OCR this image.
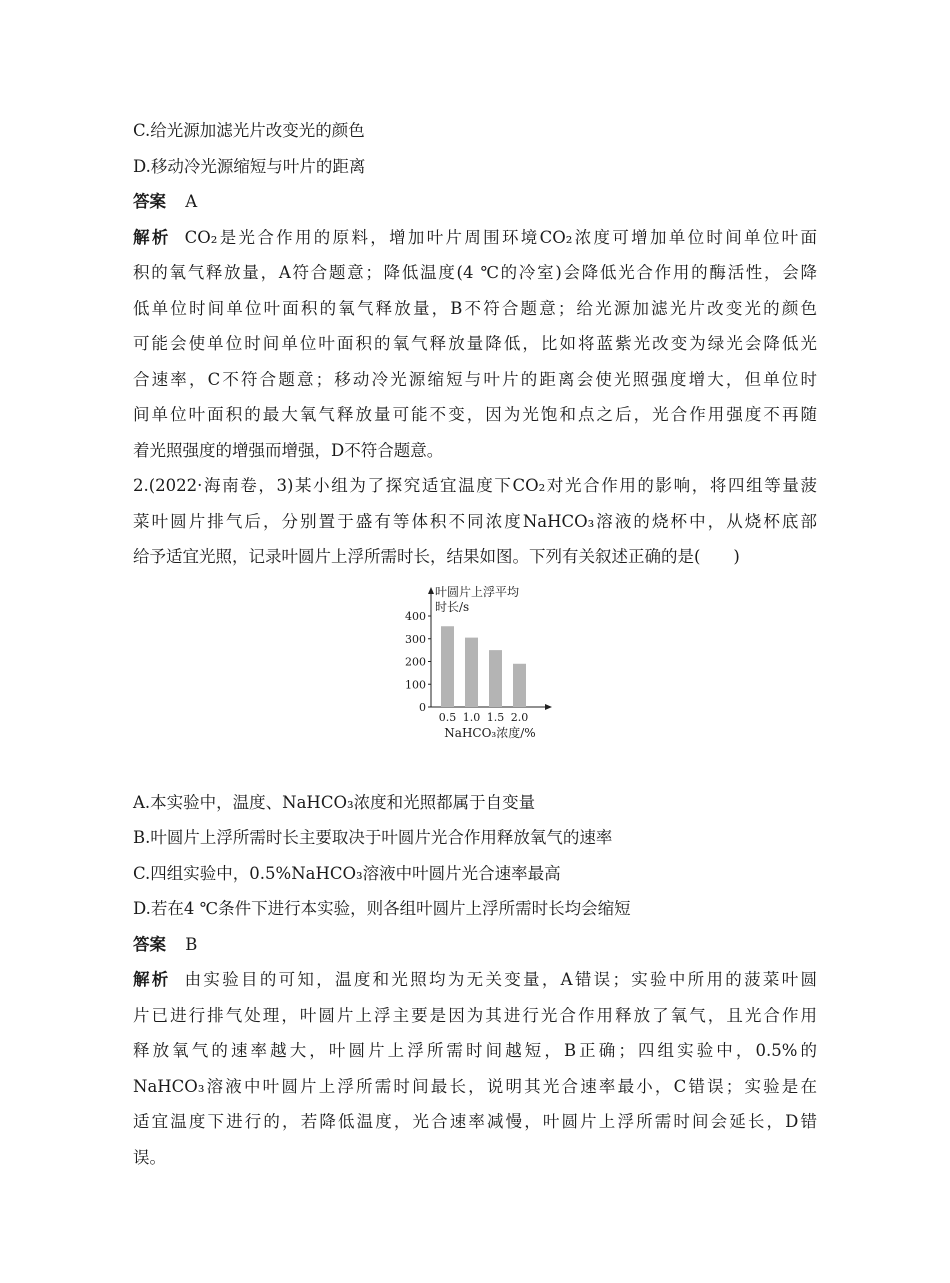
C.给光源加滤光片改变光的颜色
D.移动冷光源缩短与叶片的距离
答案 A
解析 CO₂是光合作用的原料，增加叶片周围环境CO₂浓度可增加单位时间单位叶面
积的氧气释放量，A符合题意；降低温度(4 ℃的冷室)会降低光合作用的酶活性，会降
低单位时间单位叶面积的氧气释放量，B不符合题意；给光源加滤光片改变光的颜色
可能会使单位时间单位叶面积的氧气释放量降低，比如将蓝紫光改变为绿光会降低光
合速率，C不符合题意；移动冷光源缩短与叶片的距离会使光照强度增大，但单位时
间单位叶面积的最大氧气释放量可能不变，因为光饱和点之后，光合作用强度不再随
着光照强度的增强而增强，D不符合题意。
2.(2022·海南卷，3)某小组为了探究适宜温度下CO₂对光合作用的影响，将四组等量菠
菜叶圆片排气后，分别置于盛有等体积不同浓度NaHCO₃溶液的烧杯中，从烧杯底部
给予适宜光照，记录叶圆片上浮所需时长，结果如图。下列有关叙述正确的是(　　)
叶圆片上浮平均
时长/s
0
100
200
300
400
0.5 1.0 1.5 2.0
NaHCO₃浓度/%
A.本实验中，温度、NaHCO₃浓度和光照都属于自变量
B.叶圆片上浮所需时长主要取决于叶圆片光合作用释放氧气的速率
C.四组实验中，0.5%NaHCO₃溶液中叶圆片光合速率最高
D.若在4 ℃条件下进行本实验，则各组叶圆片上浮所需时长均会缩短
答案 B
解析 由实验目的可知，温度和光照均为无关变量，A错误；实验中所用的菠菜叶圆
片已进行排气处理，叶圆片上浮主要是因为其进行光合作用释放了氧气，且光合作用
释放氧气的速率越大，叶圆片上浮所需时间越短，B正确；四组实验中，0.5%的
NaHCO₃溶液中叶圆片上浮所需时间最长，说明其光合速率最小，C错误；实验是在
适宜温度下进行的，若降低温度，光合速率减慢，叶圆片上浮所需时间会延长，D错
误。
